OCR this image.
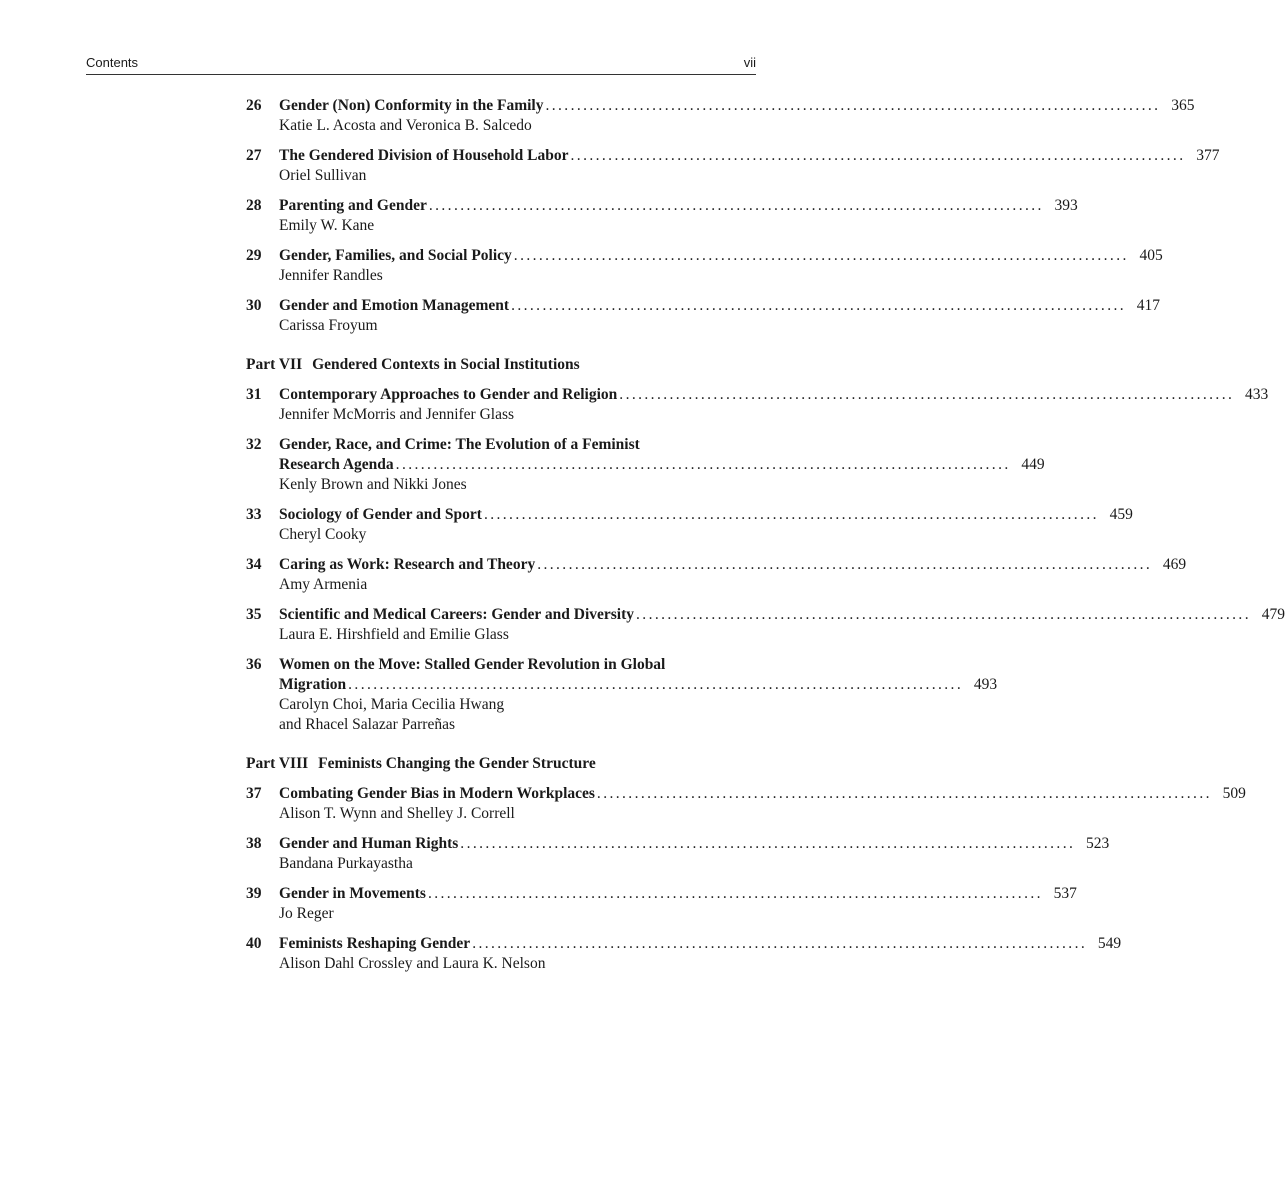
Contents	vii
26	Gender (Non) Conformity in the Family .................................................................................................. 365
Katie L. Acosta and Veronica B. Salcedo
27	The Gendered Division of Household Labor .................................................................................................. 377
Oriel Sullivan
28	Parenting and Gender .................................................................................................. 393
Emily W. Kane
29	Gender, Families, and Social Policy .................................................................................................. 405
Jennifer Randles
30	Gender and Emotion Management .................................................................................................. 417
Carissa Froyum
Part VII Gendered Contexts in Social Institutions
31	Contemporary Approaches to Gender and Religion .................................................................................................. 433
Jennifer McMorris and Jennifer Glass
32	Gender, Race, and Crime: The Evolution of a Feminist
Research Agenda .................................................................................................. 449
Kenly Brown and Nikki Jones
33	Sociology of Gender and Sport .................................................................................................. 459
Cheryl Cooky
34	Caring as Work: Research and Theory .................................................................................................. 469
Amy Armenia
35	Scientific and Medical Careers: Gender and Diversity .................................................................................................. 479
Laura E. Hirshfield and Emilie Glass
36	Women on the Move: Stalled Gender Revolution in Global
Migration .................................................................................................. 493
Carolyn Choi, Maria Cecilia Hwang
and Rhacel Salazar Parreñas
Part VIII Feminists Changing the Gender Structure
37	Combating Gender Bias in Modern Workplaces .................................................................................................. 509
Alison T. Wynn and Shelley J. Correll
38	Gender and Human Rights .................................................................................................. 523
Bandana Purkayastha
39	Gender in Movements .................................................................................................. 537
Jo Reger
40	Feminists Reshaping Gender .................................................................................................. 549
Alison Dahl Crossley and Laura K. Nelson
